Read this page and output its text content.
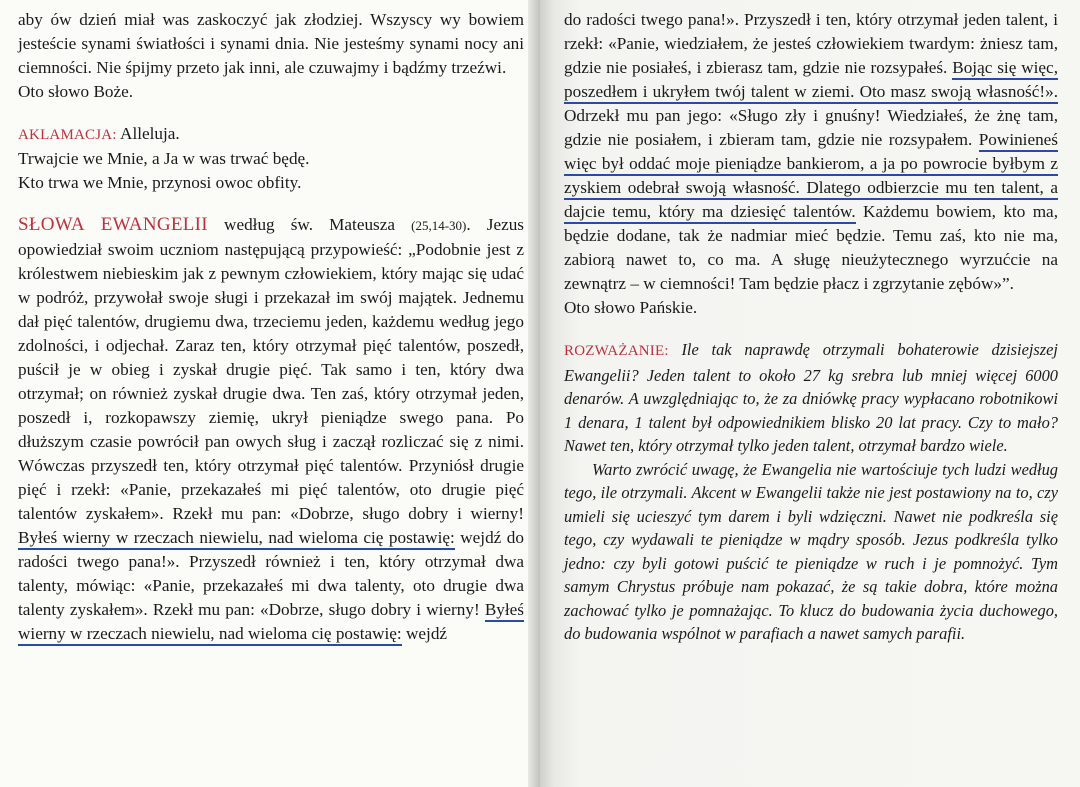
aby ów dzień miał was zaskoczyć jak złodziej. Wszyscy wy bowiem jesteście synami światłości i synami dnia. Nie jesteśmy synami nocy ani ciemności. Nie śpijmy przeto jak inni, ale czuwajmy i bądźmy trzeźwi.

Oto słowo Boże.

AKLAMACJA: Alleluja.

Trwajcie we Mnie, a Ja w was trwać będę.

Kto trwa we Mnie, przynosi owoc obfity.

SŁOWA EWANGELII według św. Mateusza (25,14-30). Jezus opowiedział swoim uczniom następującą przypowieść: „Podobnie jest z królestwem niebieskim jak z pewnym człowiekiem, który mając się udać w podróż, przywołał swoje sługi i przekazał im swój majątek. Jednemu dał pięć talentów, drugiemu dwa, trzeciemu jeden, każdemu według jego zdolności, i odjechał. Zaraz ten, który otrzymał pięć talentów, poszedł, puścił je w obieg i zyskał drugie pięć. Tak samo i ten, który dwa otrzymał; on również zyskał drugie dwa. Ten zaś, który otrzymał jeden, poszedł i, rozkopawszy ziemię, ukrył pieniądze swego pana. Po dłuższym czasie powrócił pan owych sług i zaczął rozliczać się z nimi. Wówczas przyszedł ten, który otrzymał pięć talentów. Przyniósł drugie pięć i rzekł: «Panie, przekazałeś mi pięć talentów, oto drugie pięć talentów zyskałem». Rzekł mu pan: «Dobrze, sługo dobry i wierny! Byłeś wierny w rzeczach niewielu, nad wieloma cię postawię: wejdź do radości twego pana!». Przyszedł również i ten, który otrzymał dwa talenty, mówiąc: «Panie, przekazałeś mi dwa talenty, oto drugie dwa talenty zyskałem». Rzekł mu pan: «Dobrze, sługo dobry i wierny! Byłeś wierny w rzeczach niewielu, nad wieloma cię postawię: wejdź

do radości twego pana!». Przyszedł i ten, który otrzymał jeden talent, i rzekł: «Panie, wiedziałem, że jesteś człowiekiem twardym: żniesz tam, gdzie nie posiałeś, i zbierasz tam, gdzie nie rozsypałeś. Bojąc się więc, poszedłem i ukryłem twój talent w ziemi. Oto masz swoją własność!». Odrzekł mu pan jego: «Sługo zły i gnuśny! Wiedziałeś, że żnę tam, gdzie nie posiałem, i zbieram tam, gdzie nie rozsypałem. Powinieneś więc był oddać moje pieniądze bankierom, a ja po powrocie byłbym z zyskiem odebrał swoją własność. Dlatego odbierzcie mu ten talent, a dajcie temu, który ma dziesięć talentów. Każdemu bowiem, kto ma, będzie dodane, tak że nadmiar mieć będzie. Temu zaś, kto nie ma, zabiorą nawet to, co ma. A sługę nieużytecznego wyrzućcie na zewnątrz – w ciemności! Tam będzie płacz i zgrzytanie zębów»”.

Oto słowo Pańskie.

ROZWAŻANIE: Ile tak naprawdę otrzymali bohaterowie dzisiejszej Ewangelii? Jeden talent to około 27 kg srebra lub mniej więcej 6000 denarów. A uwzględniając to, że za dniówkę pracy wypłacano robotnikowi 1 denara, 1 talent był odpowiednikiem blisko 20 lat pracy. Czy to mało? Nawet ten, który otrzymał tylko jeden talent, otrzymał bardzo wiele.

Warto zwrócić uwagę, że Ewangelia nie wartościuje tych ludzi według tego, ile otrzymali. Akcent w Ewangelii także nie jest postawiony na to, czy umieli się ucieszyć tym darem i byli wdzięczni. Nawet nie podkreśla się tego, czy wydawali te pieniądze w mądry sposób. Jezus podkreśla tylko jedno: czy byli gotowi puścić te pieniądze w ruch i je pomnożyć. Tym samym Chrystus próbuje nam pokazać, że są takie dobra, które można zachować tylko je pomnażając. To klucz do budowania życia duchowego, do budowania wspólnot w parafiach a nawet samych parafii.
